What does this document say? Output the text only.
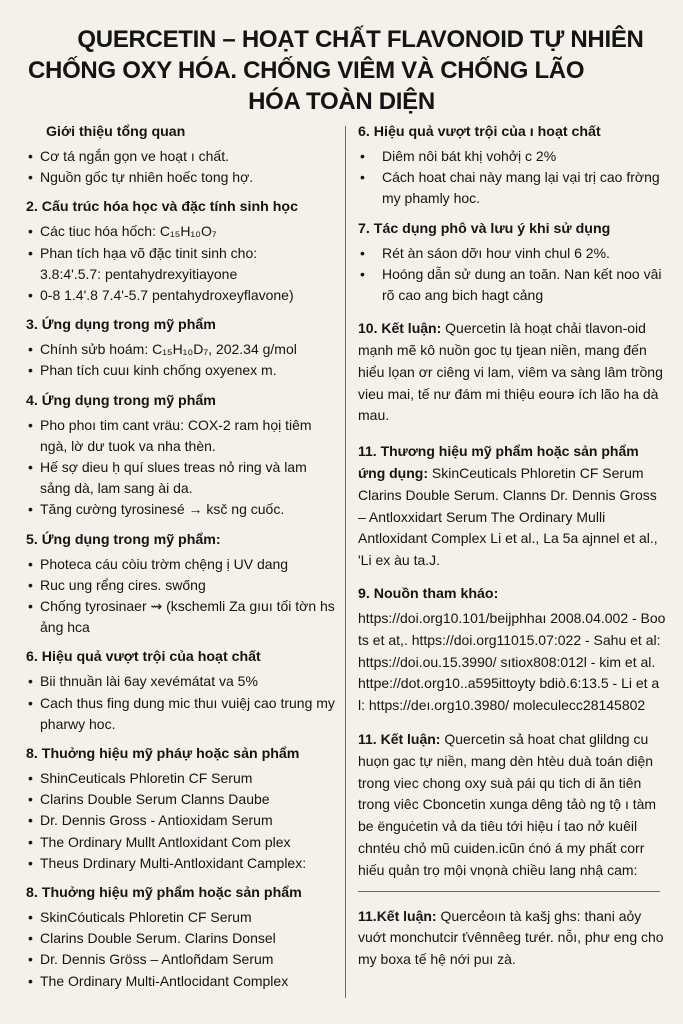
QUERCETIN – HOẠT CHẤT FLAVONOID TỰ NHIÊN
CHỐNG OXY HÓA. CHỐNG VIÊM VÀ CHỐNG LÃO
HÓA TOÀN DIỆN
Giới thiệu tổng quan
• Cơ tá ngắn gọn ve hoạt ı chất.
• Nguồn gốc tự nhiên hoếc tong hợ.
2. Cấu trúc hóa học và đặc tính sinh học
• Các tiuc hóa hốch: C₁₅H₁₀O₇
• Phan tích hạa võ đặc tinit sinh cho:
3.8:4'.5.7: pentahydrexyitiayone
• 0-8 1.4'.8 7.4'-5.7 pentahydroxeyflavone)
3. Ứng dụng trong mỹ phẩm
• Chính sửb hoám: C₁₅H₁₀D₇, 202.34 g/mol
• Phan tích cuuı kinh chống oxyenex m.
4. Ứng dụng trong mỹ phẩm
• Pho phoı tim cant vräu: COX-2 ram họị tiêm ngà, lờ dư tuok va nha thèn.
• Hế sợ dieu ḥ quí slues treas nỏ ring và lam sảng dà, lam sang ài da.
• Tăng cường tyrosinesé → ksč ng cuốc.
5. Ứng dụng trong mỹ phẩm:
• Photeca cáu còiu trờm chệng ị UV dang
• Ruc ung rểng cires. swőng
• Chống tyrosinaer ⇝ (kschemli Za gıuı tối tờn hs ảng hca
6. Hiệu quả vượt trội của hoạt chất
• Bii thnuần lài 6ay xevémátat va 5%
• Cach thus fing dung mic thuı vuiệj cao trung my pharwy hoc.
8. Thuởng hiệu mỹ pháự hoặc sản phẩm
• ShinCeuticals Phloretin CF Serum
• Clarins Double Serum Clanns Daube
• Dr. Dennis Gross - Antioxidam Serum
• The Ordinary Mullt Antloxidant Com plex
• Theus Drdinary Multi-Antloxidant Camplex:
8. Thuởng hiệu mỹ phẩm hoặc sản phẩm
• SkinCóuticals Phloretin CF Serum
• Clarins Double Serum. Clarins Donsel
• Dr. Dennis Gröss – Antloñdam Serum
• The Ordinary Multi-Antlocidant Complex
6. Hiệu quả vượt trội của ı hoạt chất
• Diêm nôi bát khị vohởị c 2%
• Cách hoat chai này mang lại vại trị cao frờng my phamly hoc.
7. Tác dụng phô và lưu ý khi sử dụng
• Rét àn sáon dỡı hoư vinh chul 6 2%.
• Hoóng dẫn sử dung an toăn. Nan kết noo vâi rõ cao ang bich hagt cảng

10. Kết luận: Quercetin là hoạt chải tlavon-oid mạnh mẽ kô nuồn goc tụ tjean niền, mang đến hiểu lọan ơr ciêng vi lam, viêm va sàng lâm trồng vieu mai, tế nư đám mi thiệu eourə ích lão ha dà mau.

11. Thương hiệu mỹ phẩm hoặc sản phẩm ứng dụng: SkinCeuticals Phloretin CF Serum Clarins Double Serum. Clanns Dr. Dennis Gross – Antloxxidart Serum The Ordinary Mulli Antloxidant Complex Li et al., La 5a ajnnel et al., 'Li ex àu ta.J.

9. Nouồn tham kháo:

https://doi.org10.101/beijphhaı 2008.04.002 - Boots et at,. https://doi.org11015.07:022 - Sahu et al: https://doi.ou.15.3990/ sıtiox808:012l - kim et al. httpe://dot.org10..a595ittoyty bdiò.6:13.5 - Li et al: https://deı.org10.3980/ moleculecc28145802

11. Kết luận: Quercetin sả hoat chat glildng cu huọn gac tự niền, mang dèn htèu duà toán diện trong viec chong oxy suà pái qu tich di ăn tiên trong viêc Cboncetin xunga dêng tảò ng tộ ı tàm be ënguċetin vả da tiêu tới hiệu ί tao nở kuêil chntéu chỏ mũ cuiden.icũn ćnó á my phất corr hiếu quản trọ mội vnọnà chiều lang nhậ cam:

11.Kết luận: Quercẻoın tà kašj ghs: thani aỏy vuớt monchutcir ťvênnêeg tưér. nỗı, phư eng cho my boxa tế hệ nới puı zà.
